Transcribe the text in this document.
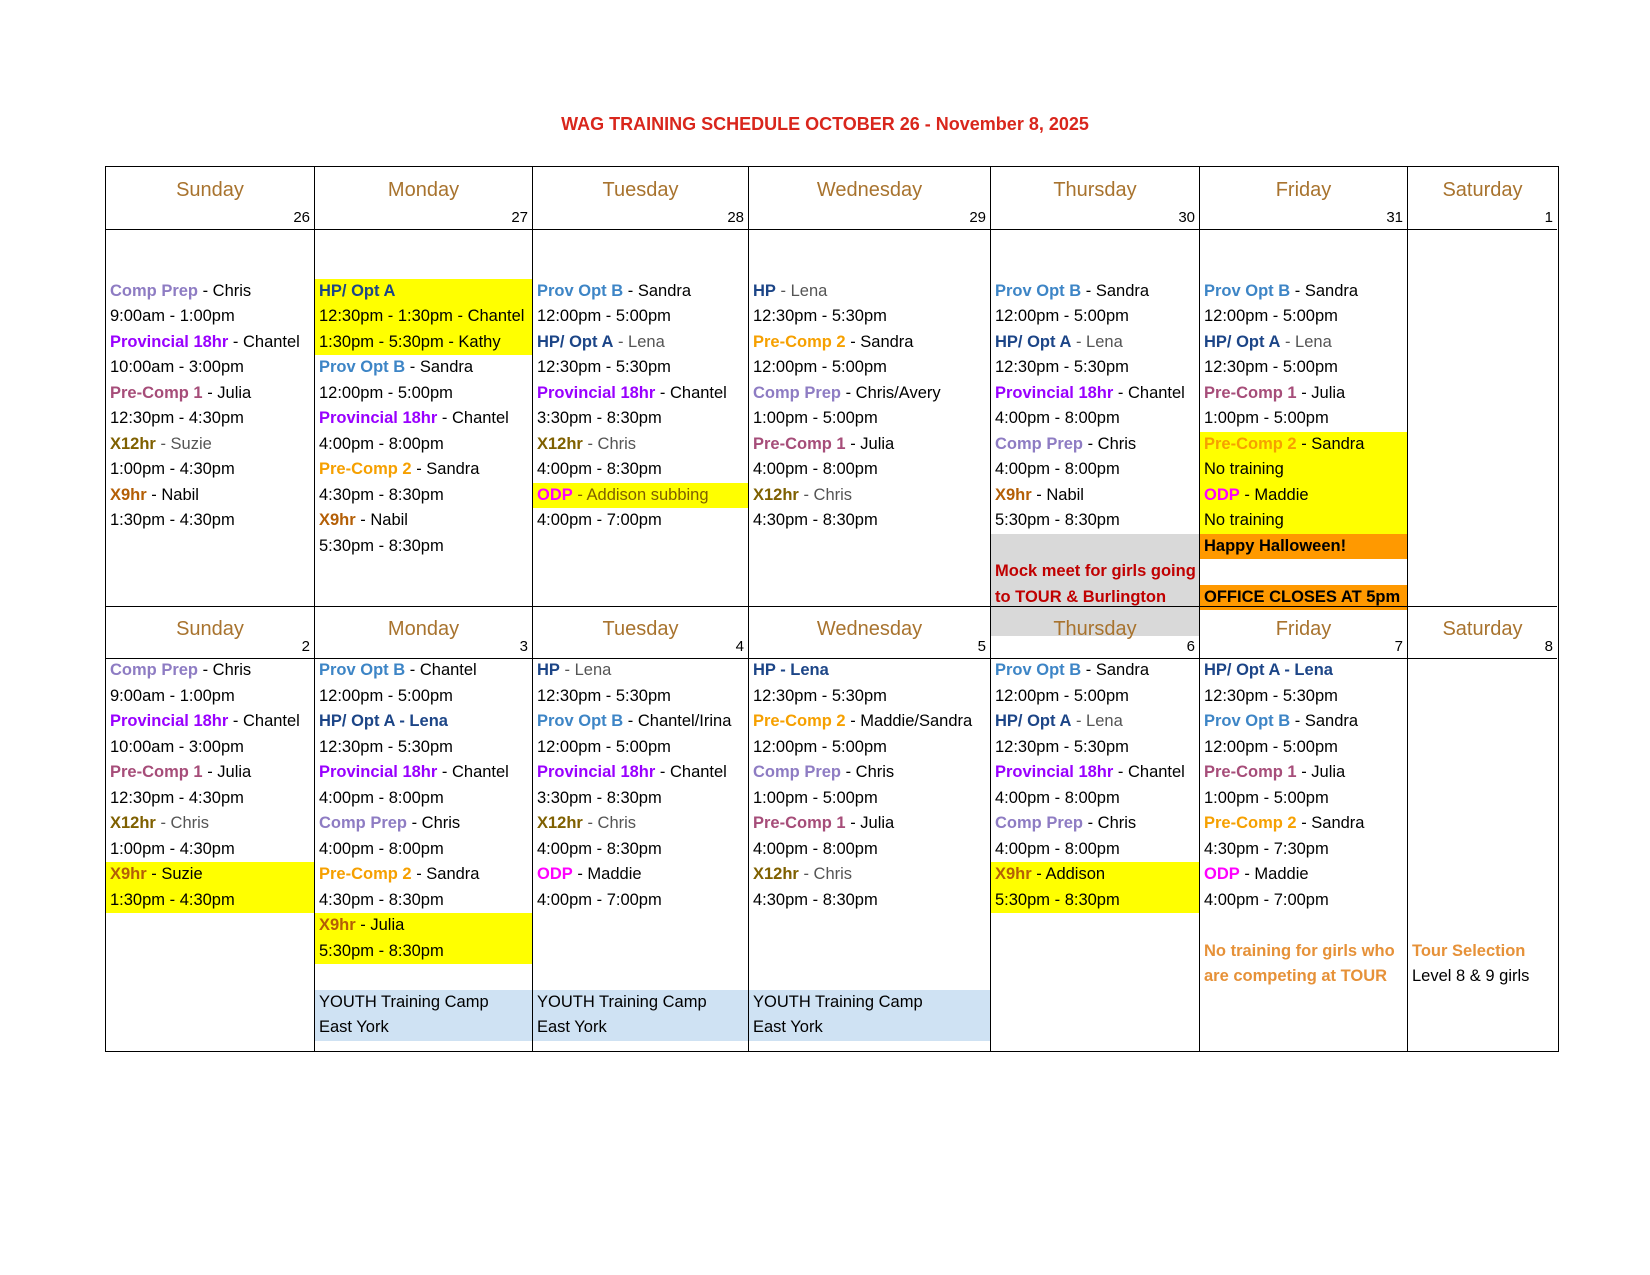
WAG TRAINING SCHEDULE OCTOBER 26 - November 8, 2025
Sunday
26
Monday
27
Tuesday
28
Wednesday
29
Thursday
30
Friday
31
Saturday
1
Comp Prep - Chris
9:00am - 1:00pm
Provincial 18hr - Chantel
10:00am - 3:00pm
Pre-Comp 1 - Julia
12:30pm - 4:30pm
X12hr - Suzie
1:00pm - 4:30pm
X9hr - Nabil
1:30pm - 4:30pm
HP/ Opt A
12:30pm - 1:30pm - Chantel
1:30pm - 5:30pm - Kathy
Prov Opt B - Sandra
12:00pm - 5:00pm
Provincial 18hr - Chantel
4:00pm - 8:00pm
Pre-Comp 2 - Sandra
4:30pm - 8:30pm
X9hr - Nabil
5:30pm - 8:30pm
Prov Opt B - Sandra
12:00pm - 5:00pm
HP/ Opt A - Lena
12:30pm - 5:30pm
Provincial 18hr - Chantel
3:30pm - 8:30pm
X12hr - Chris
4:00pm - 8:30pm
ODP - Addison subbing
4:00pm - 7:00pm
HP - Lena
12:30pm - 5:30pm
Pre-Comp 2 - Sandra
12:00pm - 5:00pm
Comp Prep - Chris/Avery
1:00pm - 5:00pm
Pre-Comp 1 - Julia
4:00pm - 8:00pm
X12hr - Chris
4:30pm - 8:30pm
Prov Opt B - Sandra
12:00pm - 5:00pm
HP/ Opt A - Lena
12:30pm - 5:30pm
Provincial 18hr - Chantel
4:00pm - 8:00pm
Comp Prep - Chris
4:00pm - 8:00pm
X9hr - Nabil
5:30pm - 8:30pm
Mock meet for girls going
to TOUR & Burlington
Prov Opt B - Sandra
12:00pm - 5:00pm
HP/ Opt A - Lena
12:30pm - 5:00pm
Pre-Comp 1 - Julia
1:00pm - 5:00pm
Pre-Comp 2 - Sandra
No training
ODP - Maddie
No training
Happy Halloween!
OFFICE CLOSES AT 5pm
Sunday
2
Monday
3
Tuesday
4
Wednesday
5
Thursday
6
Friday
7
Saturday
8
Comp Prep - Chris
9:00am - 1:00pm
Provincial 18hr - Chantel
10:00am - 3:00pm
Pre-Comp 1 - Julia
12:30pm - 4:30pm
X12hr - Chris
1:00pm - 4:30pm
X9hr - Suzie
1:30pm - 4:30pm
Prov Opt B - Chantel
12:00pm - 5:00pm
HP/ Opt A - Lena
12:30pm - 5:30pm
Provincial 18hr - Chantel
4:00pm - 8:00pm
Comp Prep - Chris
4:00pm - 8:00pm
Pre-Comp 2 - Sandra
4:30pm - 8:30pm
X9hr - Julia
5:30pm - 8:30pm
YOUTH Training Camp
East York
HP - Lena
12:30pm - 5:30pm
Prov Opt B - Chantel/Irina
12:00pm - 5:00pm
Provincial 18hr - Chantel
3:30pm - 8:30pm
X12hr - Chris
4:00pm - 8:30pm
ODP - Maddie
4:00pm - 7:00pm
YOUTH Training Camp
East York
HP - Lena
12:30pm - 5:30pm
Pre-Comp 2 - Maddie/Sandra
12:00pm - 5:00pm
Comp Prep - Chris
1:00pm - 5:00pm
Pre-Comp 1 - Julia
4:00pm - 8:00pm
X12hr - Chris
4:30pm - 8:30pm
YOUTH Training Camp
East York
Prov Opt B - Sandra
12:00pm - 5:00pm
HP/ Opt A - Lena
12:30pm - 5:30pm
Provincial 18hr - Chantel
4:00pm - 8:00pm
Comp Prep - Chris
4:00pm - 8:00pm
X9hr - Addison
5:30pm - 8:30pm
HP/ Opt A - Lena
12:30pm - 5:30pm
Prov Opt B - Sandra
12:00pm - 5:00pm
Pre-Comp 1 - Julia
1:00pm - 5:00pm
Pre-Comp 2 - Sandra
4:30pm - 7:30pm
ODP - Maddie
4:00pm - 7:00pm
No training for girls who
are competing at TOUR
Tour Selection
Level 8 & 9 girls
